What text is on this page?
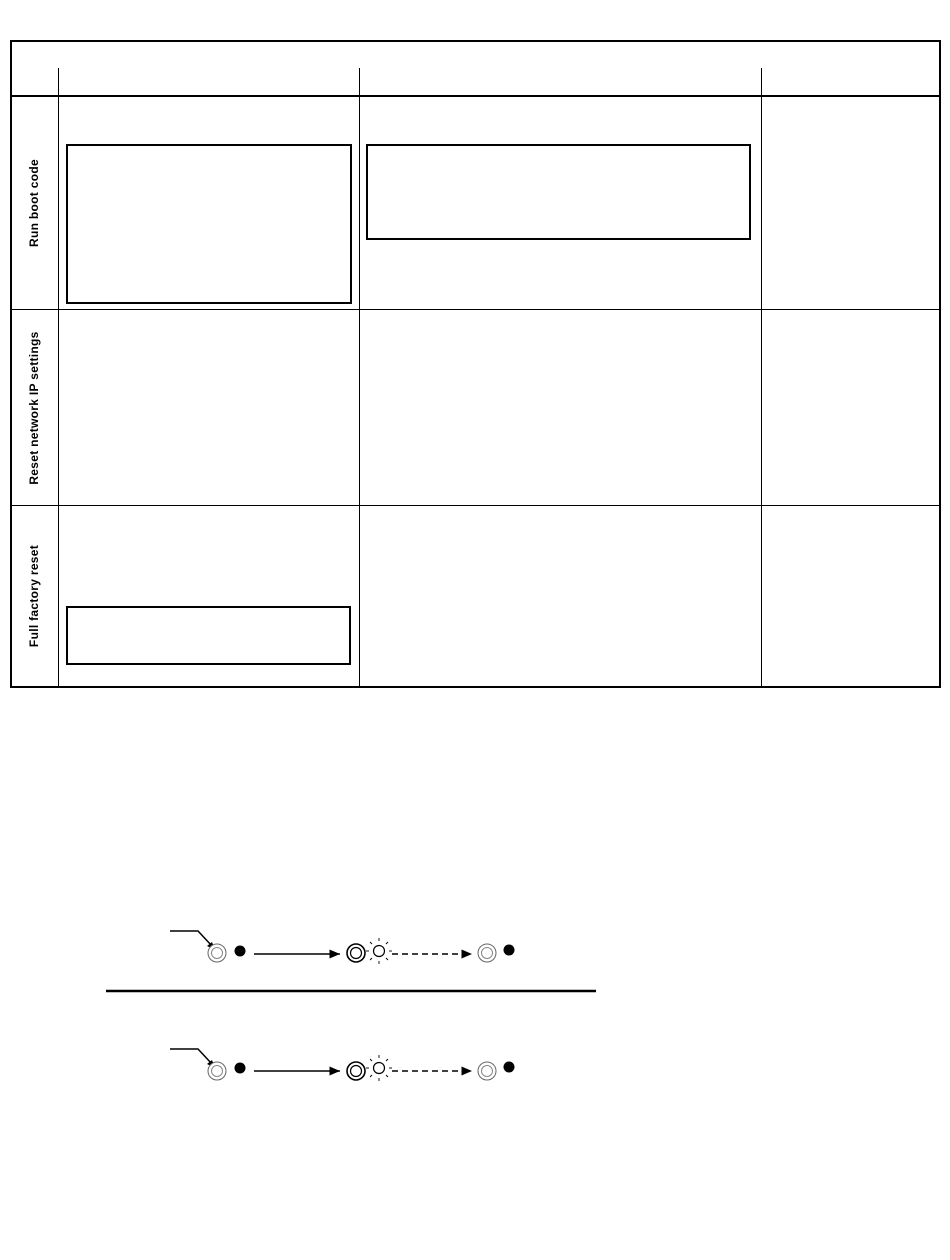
Run boot code
Reset network IP settings
Full factory reset
